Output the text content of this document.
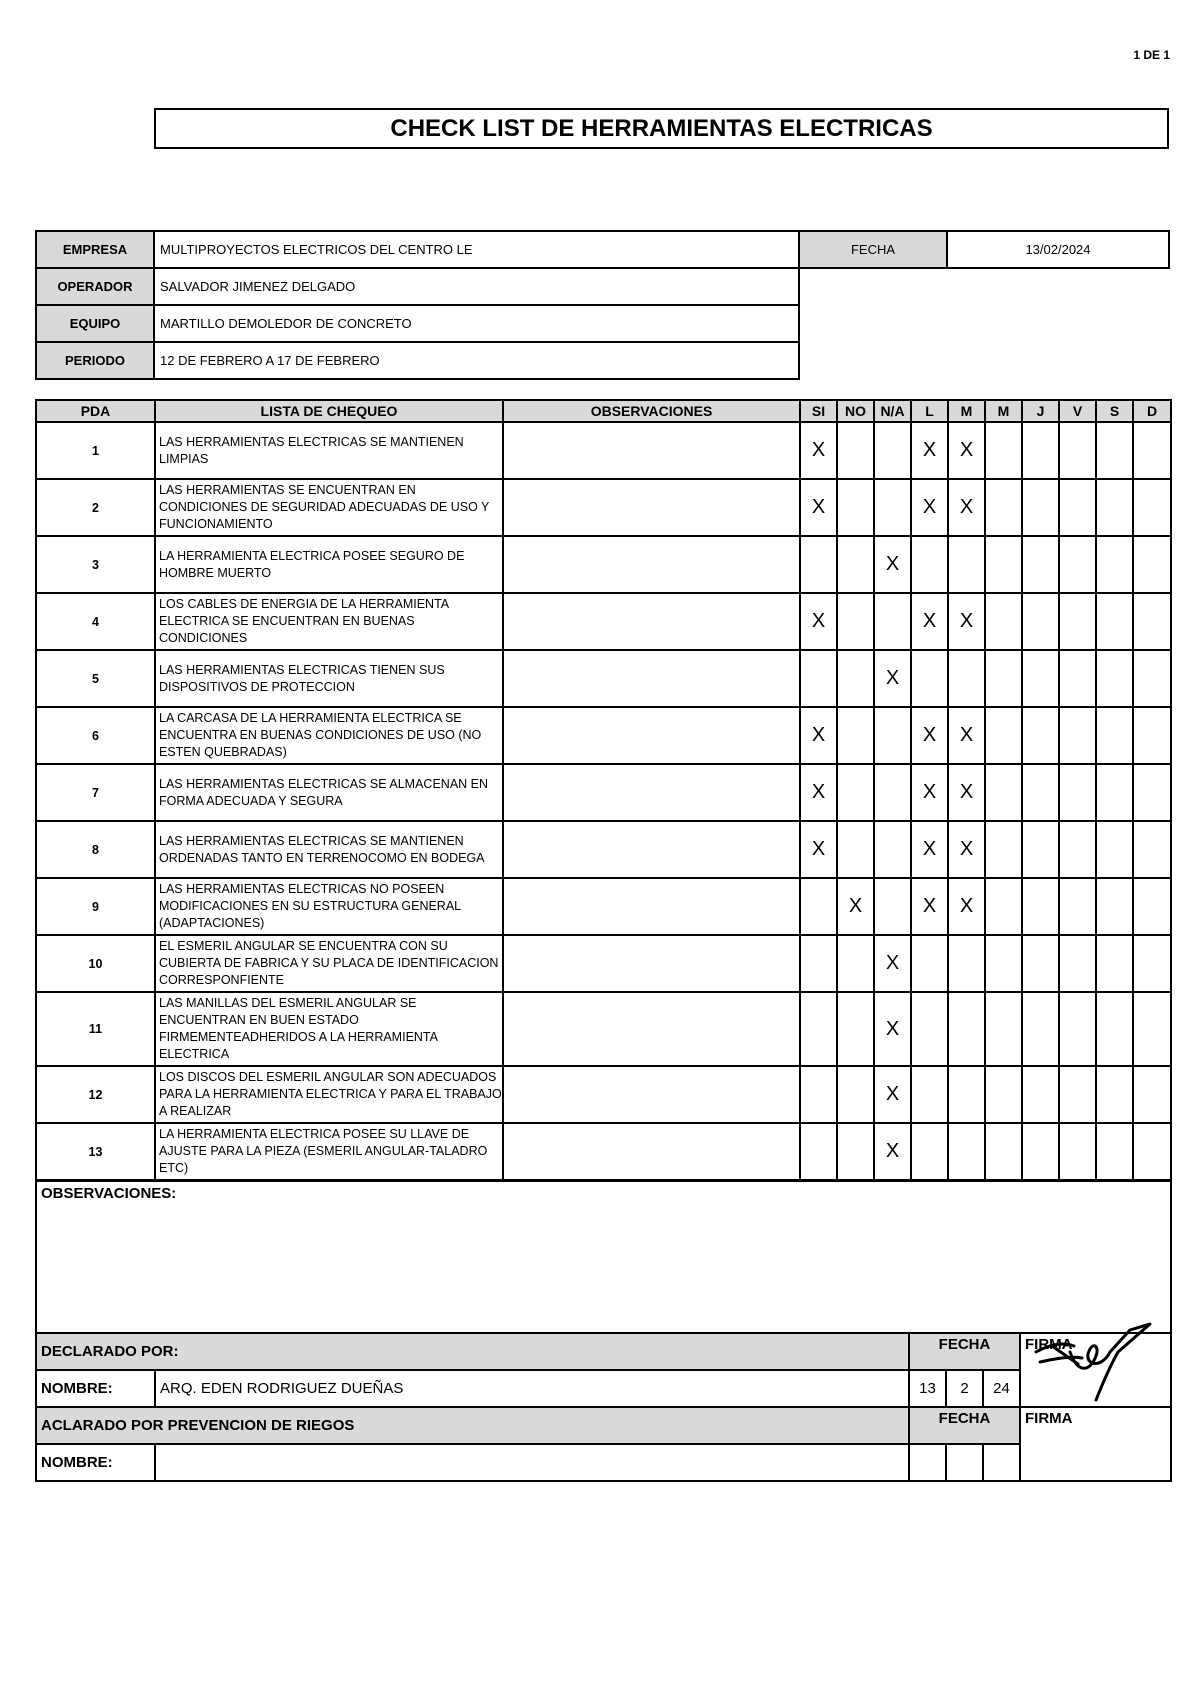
1 DE 1
CHECK LIST DE HERRAMIENTAS ELECTRICAS
EMPRESA	MULTIPROYECTOS ELECTRICOS DEL CENTRO LE	FECHA	13/02/2024
OPERADOR	SALVADOR JIMENEZ DELGADO
EQUIPO	MARTILLO DEMOLEDOR DE CONCRETO
PERIODO	12 DE FEBRERO A 17 DE FEBRERO
PDA	LISTA DE CHEQUEO	OBSERVACIONES	SI	NO	N/A	L	M	M	J	V	S	D
1	LAS HERRAMIENTAS ELECTRICAS SE MANTIENEN LIMPIAS		X			X	X					
2	LAS HERRAMIENTAS SE ENCUENTRAN EN CONDICIONES DE SEGURIDAD ADECUADAS DE USO Y FUNCIONAMIENTO		X			X	X					
3	LA HERRAMIENTA ELECTRICA POSEE SEGURO DE HOMBRE MUERTO				X							
4	LOS CABLES DE ENERGIA DE LA HERRAMIENTA ELECTRICA SE ENCUENTRAN EN BUENAS CONDICIONES		X			X	X					
5	LAS HERRAMIENTAS ELECTRICAS TIENEN SUS DISPOSITIVOS DE PROTECCION				X							
6	LA CARCASA DE LA HERRAMIENTA ELECTRICA SE ENCUENTRA EN BUENAS CONDICIONES DE USO (NO ESTEN QUEBRADAS)		X			X	X					
7	LAS HERRAMIENTAS ELECTRICAS SE ALMACENAN EN FORMA ADECUADA Y SEGURA		X			X	X					
8	LAS HERRAMIENTAS ELECTRICAS SE MANTIENEN ORDENADAS TANTO EN TERRENOCOMO EN BODEGA		X			X	X					
9	LAS HERRAMIENTAS ELECTRICAS NO POSEEN MODIFICACIONES EN SU ESTRUCTURA GENERAL (ADAPTACIONES)			X		X	X					
10	EL ESMERIL ANGULAR SE ENCUENTRA CON SU CUBIERTA DE FABRICA Y SU PLACA DE IDENTIFICACION CORRESPONFIENTE				X							
11	LAS MANILLAS DEL ESMERIL ANGULAR SE ENCUENTRAN EN BUEN ESTADO FIRMEMENTEADHERIDOS A LA HERRAMIENTA ELECTRICA				X							
12	LOS DISCOS DEL ESMERIL ANGULAR SON ADECUADOS PARA LA HERRAMIENTA ELECTRICA Y PARA EL TRABAJO A REALIZAR				X							
13	LA HERRAMIENTA ELECTRICA POSEE SU LLAVE DE AJUSTE PARA LA PIEZA (ESMERIL ANGULAR-TALADRO ETC)				X							
OBSERVACIONES:					
DECLARADO POR:		FECHA			FIRMA
NOMBRE:	ARQ. EDEN RODRIGUEZ DUEÑAS	13	2	24	
ACLARADO POR PREVENCION DE RIEGOS		FECHA			FIRMA
NOMBRE:					
